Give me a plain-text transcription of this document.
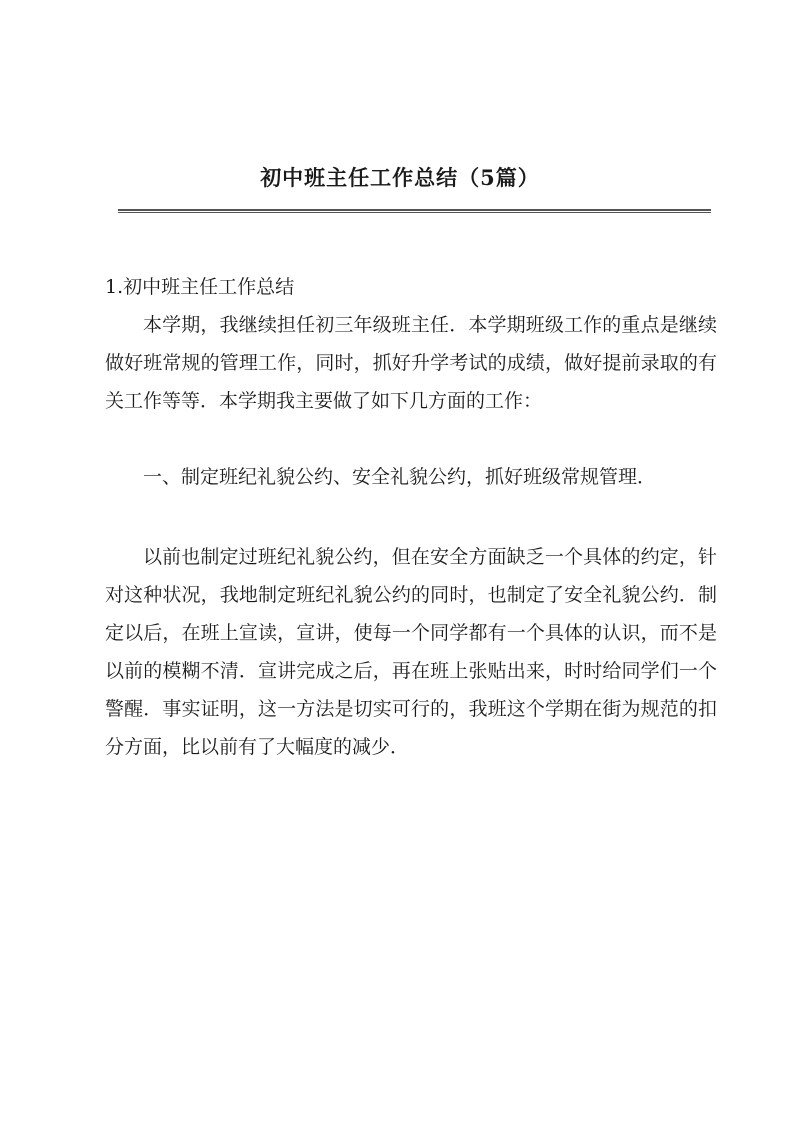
初中班主任工作总结（5篇）

1.初中班主任工作总结

本学期，我继续担任初三年级班主任．本学期班级工作的重点是继续做好班常规的管理工作，同时，抓好升学考试的成绩，做好提前录取的有关工作等等．本学期我主要做了如下几方面的工作：

一、制定班纪礼貌公约、安全礼貌公约，抓好班级常规管理．

以前也制定过班纪礼貌公约，但在安全方面缺乏一个具体的约定，针对这种状况，我地制定班纪礼貌公约的同时，也制定了安全礼貌公约．制定以后，在班上宣读，宣讲，使每一个同学都有一个具体的认识，而不是以前的模糊不清．宣讲完成之后，再在班上张贴出来，时时给同学们一个警醒．事实证明，这一方法是切实可行的，我班这个学期在街为规范的扣分方面，比以前有了大幅度的减少．
